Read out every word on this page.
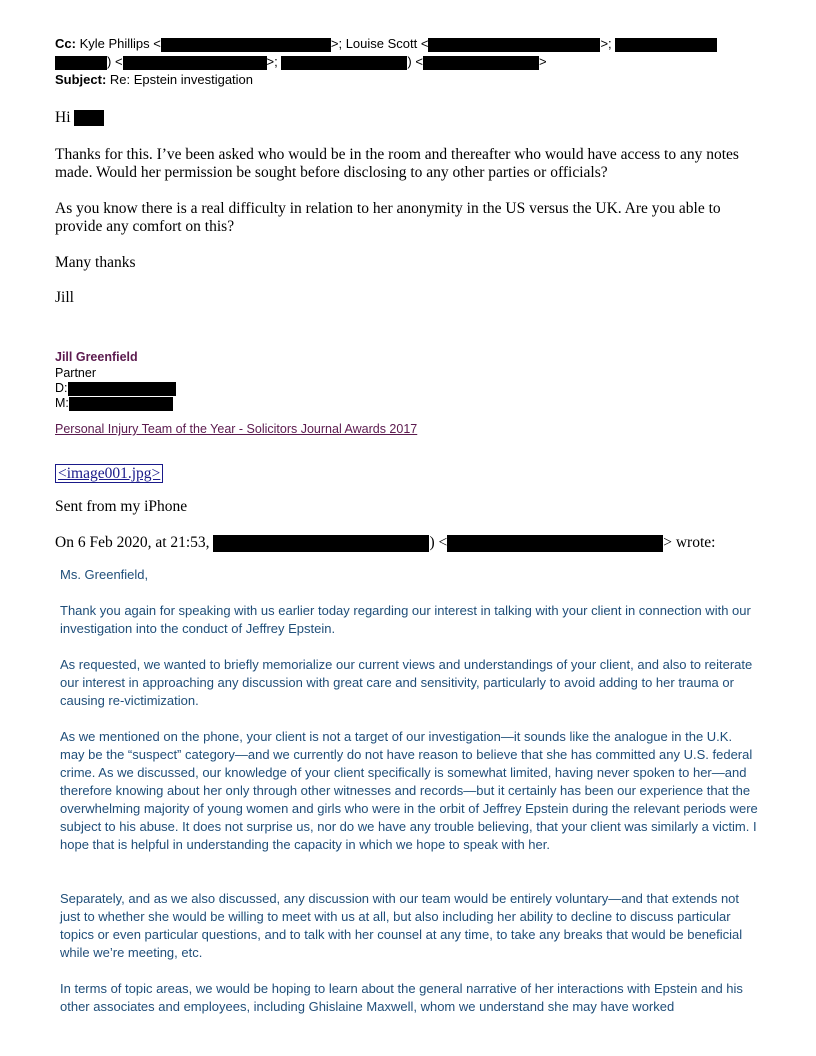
Cc: Kyle Phillips <	>; Louise Scott <	>;
) <	>;	) <	>
Subject: Re: Epstein investigation
Hi
Thanks for this. I’ve been asked who would be in the room and thereafter who would have access to any notes made. Would her permission be sought before disclosing to any other parties or officials?
As you know there is a real difficulty in relation to her anonymity in the US versus the UK. Are you able to provide any comfort on this?
Many thanks
Jill
Jill Greenfield
Partner
D:
M:
Personal Injury Team of the Year - Solicitors Journal Awards 2017
<image001.jpg>
Sent from my iPhone
On 6 Feb 2020, at 21:53,	) <	> wrote:
Ms. Greenfield,
Thank you again for speaking with us earlier today regarding our interest in talking with your client in connection with our investigation into the conduct of Jeffrey Epstein.
As requested, we wanted to briefly memorialize our current views and understandings of your client, and also to reiterate our interest in approaching any discussion with great care and sensitivity, particularly to avoid adding to her trauma or causing re-victimization.
As we mentioned on the phone, your client is not a target of our investigation—it sounds like the analogue in the U.K. may be the “suspect” category—and we currently do not have reason to believe that she has committed any U.S. federal crime. As we discussed, our knowledge of your client specifically is somewhat limited, having never spoken to her—and therefore knowing about her only through other witnesses and records—but it certainly has been our experience that the overwhelming majority of young women and girls who were in the orbit of Jeffrey Epstein during the relevant periods were subject to his abuse. It does not surprise us, nor do we have any trouble believing, that your client was similarly a victim. I hope that is helpful in understanding the capacity in which we hope to speak with her.
Separately, and as we also discussed, any discussion with our team would be entirely voluntary—and that extends not just to whether she would be willing to meet with us at all, but also including her ability to decline to discuss particular topics or even particular questions, and to talk with her counsel at any time, to take any breaks that would be beneficial while we’re meeting, etc.
In terms of topic areas, we would be hoping to learn about the general narrative of her interactions with Epstein and his other associates and employees, including Ghislaine Maxwell, whom we understand she may have worked
